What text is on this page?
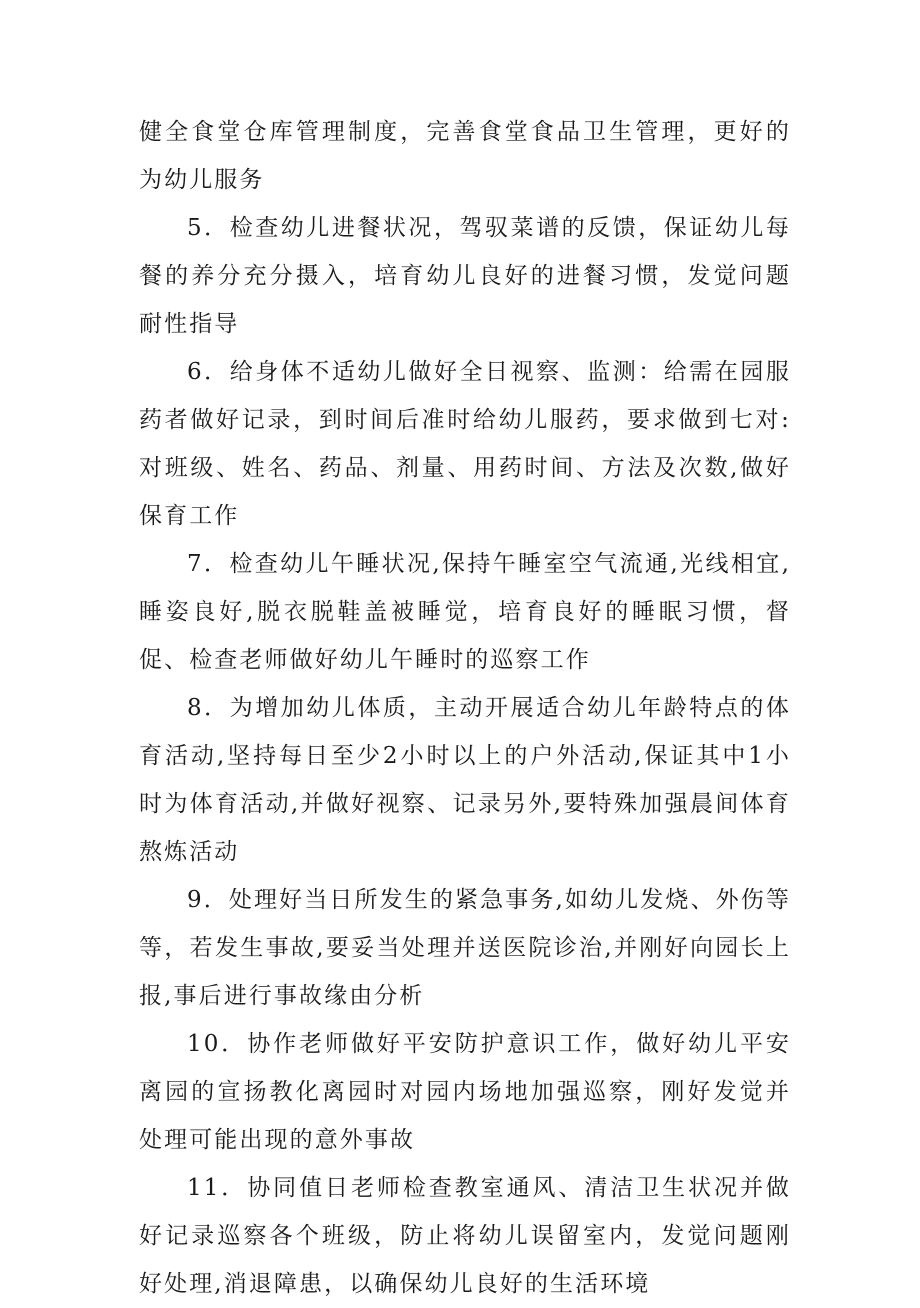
健全食堂仓库管理制度，完善食堂食品卫生管理，更好的为幼儿服务

5．检查幼儿进餐状况，驾驭菜谱的反馈，保证幼儿每餐的养分充分摄入，培育幼儿良好的进餐习惯，发觉问题耐性指导

6．给身体不适幼儿做好全日视察、监测：给需在园服药者做好记录，到时间后准时给幼儿服药，要求做到七对:对班级、姓名、药品、剂量、用药时间、方法及次数,做好保育工作

7．检查幼儿午睡状况,保持午睡室空气流通,光线相宜,睡姿良好,脱衣脱鞋盖被睡觉，培育良好的睡眠习惯，督促、检查老师做好幼儿午睡时的巡察工作

8．为增加幼儿体质，主动开展适合幼儿年龄特点的体育活动,坚持每日至少2小时以上的户外活动,保证其中1小时为体育活动,并做好视察、记录另外,要特殊加强晨间体育熬炼活动

9．处理好当日所发生的紧急事务,如幼儿发烧、外伤等等，若发生事故,要妥当处理并送医院诊治,并刚好向园长上报,事后进行事故缘由分析

10．协作老师做好平安防护意识工作，做好幼儿平安离园的宣扬教化离园时对园内场地加强巡察，刚好发觉并处理可能出现的意外事故

11．协同值日老师检查教室通风、清洁卫生状况并做好记录巡察各个班级，防止将幼儿误留室内，发觉问题刚好处理,消退障患，以确保幼儿良好的生活环境
